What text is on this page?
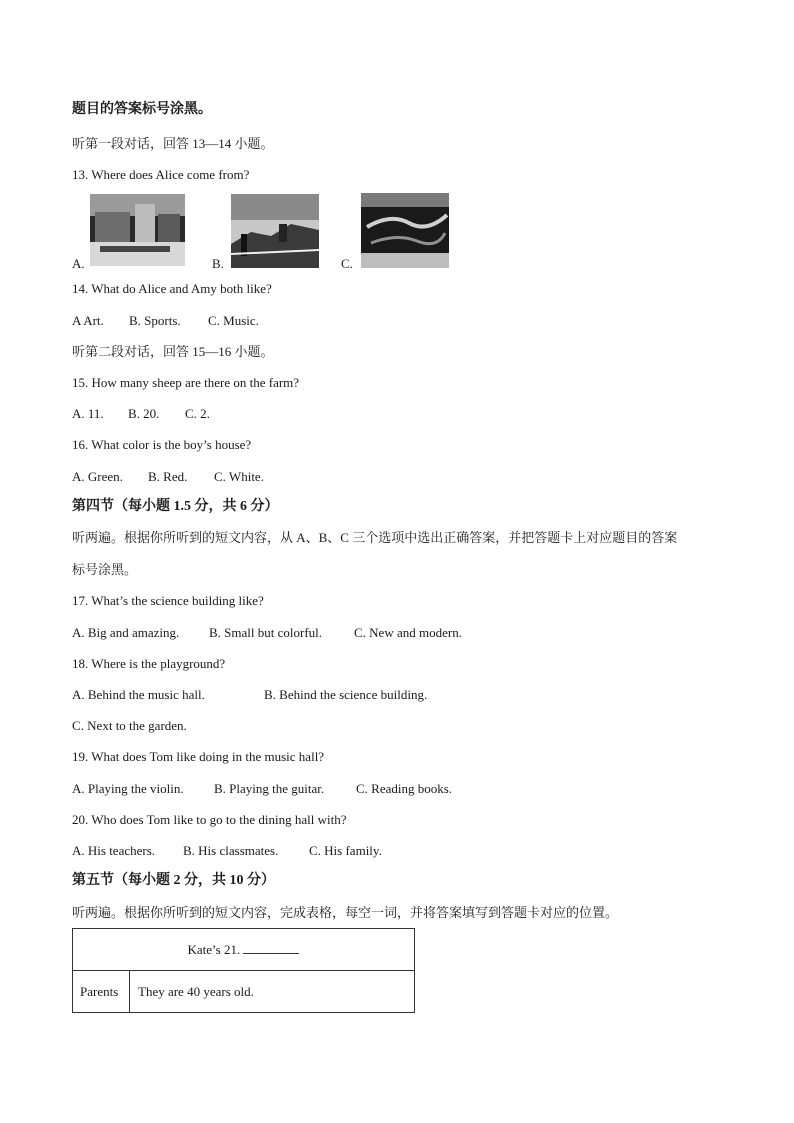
题目的答案标号涂黑。
听第一段对话，回答 13—14 小题。
13. Where does Alice come from?
A.	B.	C.
14. What do Alice and Amy both like?
A Art. B. Sports. C. Music.
听第二段对话，回答 15—16 小题。
15. How many sheep are there on the farm?
A. 11. B. 20. C. 2.
16. What color is the boy’s house?
A. Green. B. Red. C. White.
第四节（每小题 1.5 分，共 6 分）
听两遍。根据你所听到的短文内容，从 A、B、C 三个选项中选出正确答案，并把答题卡上对应题目的答案
标号涂黑。
17. What’s the science building like?
A. Big and amazing. B. Small but colorful. C. New and modern.
18. Where is the playground?
A. Behind the music hall.	B. Behind the science building.
C. Next to the garden.
19. What does Tom like doing in the music hall?
A. Playing the violin. B. Playing the guitar. C. Reading books.
20. Who does Tom like to go to the dining hall with?
A. His teachers. B. His classmates. C. His family.
第五节（每小题 2 分，共 10 分）
听两遍。根据你所听到的短文内容，完成表格，每空一词，并将答案填写到答题卡对应的位置。
Kate’s 21.
Parents	They are 40 years old.
